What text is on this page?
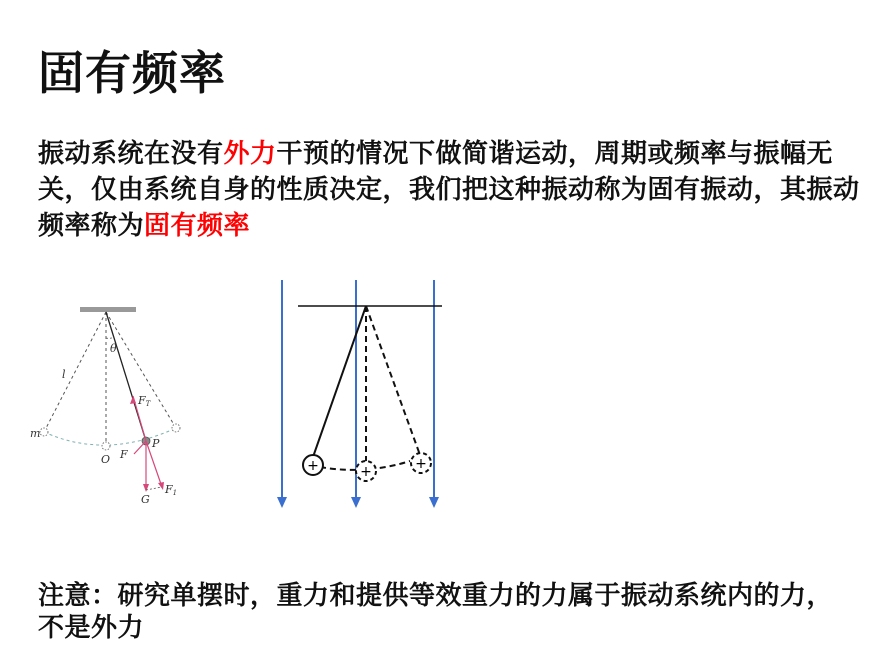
固有频率
振动系统在没有外力干预的情况下做简谐运动，周期或频率与振幅无关，仅由系统自身的性质决定，我们把这种振动称为固有振动，其振动频率称为固有频率
θ
l
FT
m
P
O F
G
F1
+	+	+
注意：研究单摆时，重力和提供等效重力的力属于振动系统内的力，不是外力
